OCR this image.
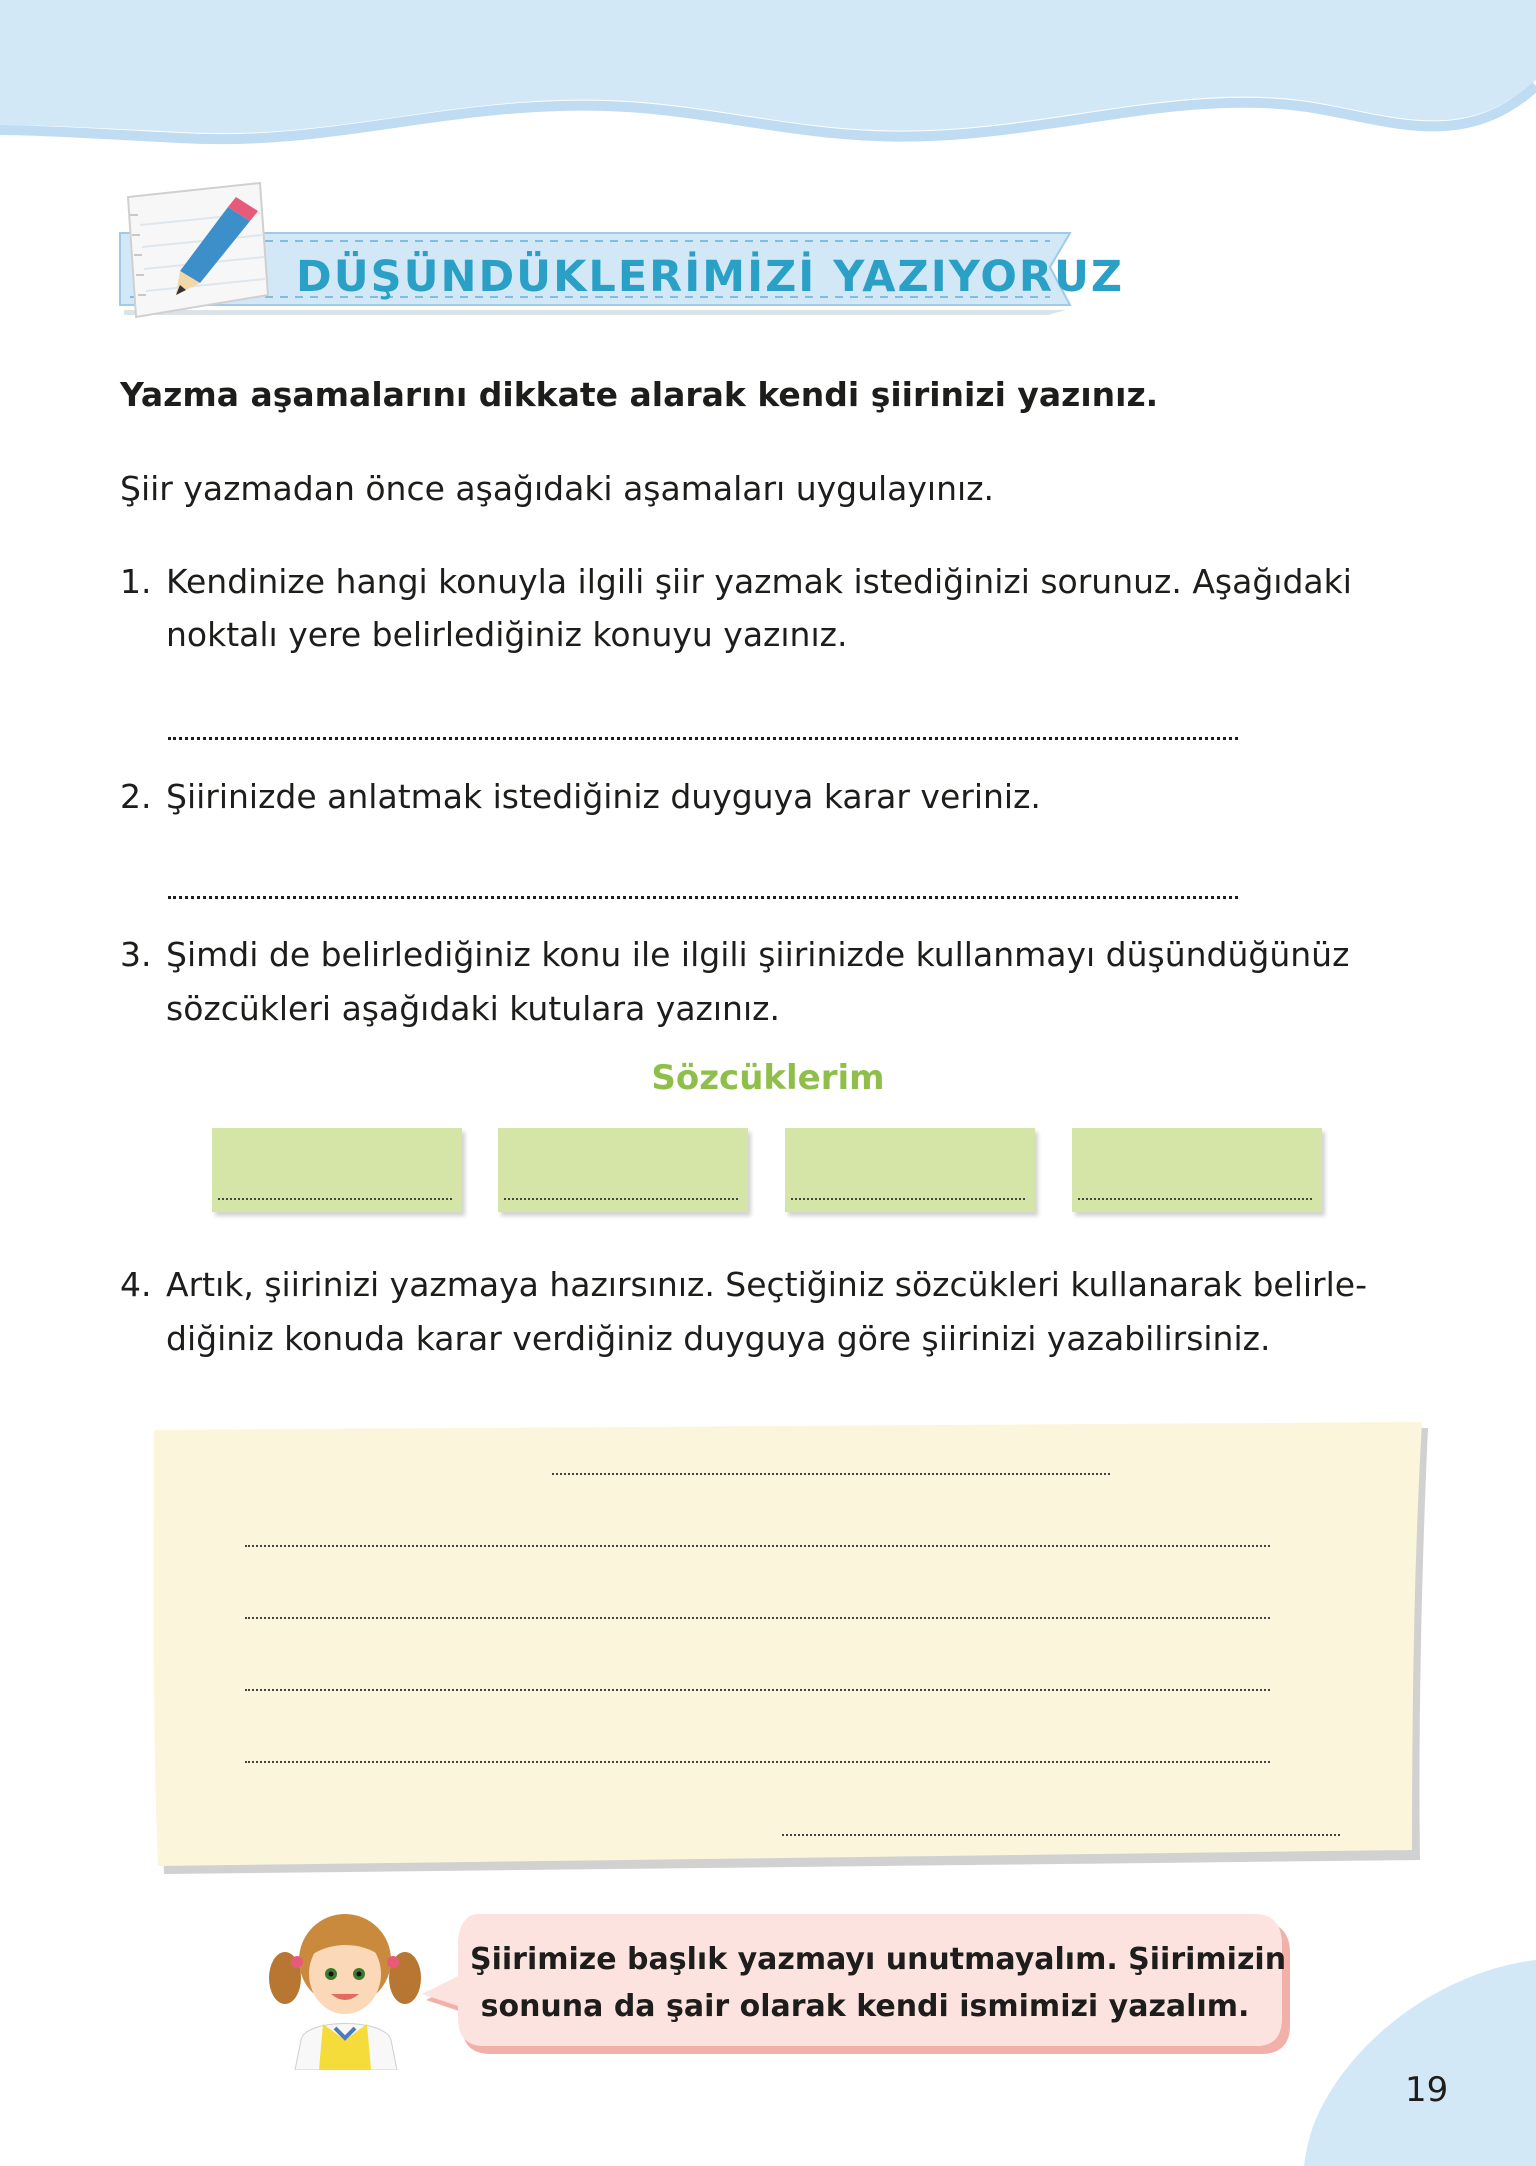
DÜŞÜNDÜKLERİMİZİ YAZIYORUZ
Yazma aşamalarını dikkate alarak kendi şiirinizi yazınız.
Şiir yazmadan önce aşağıdaki aşamaları uygulayınız.
1. Kendinize hangi konuyla ilgili şiir yazmak istediğinizi sorunuz. Aşağıdaki
noktalı yere belirlediğiniz konuyu yazınız.
2. Şiirinizde anlatmak istediğiniz duyguya karar veriniz.
3. Şimdi de belirlediğiniz konu ile ilgili şiirinizde kullanmayı düşündüğünüz
sözcükleri aşağıdaki kutulara yazınız.
Sözcüklerim
4. Artık, şiirinizi yazmaya hazırsınız. Seçtiğiniz sözcükleri kullanarak belirle-
diğiniz konuda karar verdiğiniz duyguya göre şiirinizi yazabilirsiniz.
Şiirimize başlık yazmayı unutmayalım. Şiirimizin
sonuna da şair olarak kendi ismimizi yazalım.
19
